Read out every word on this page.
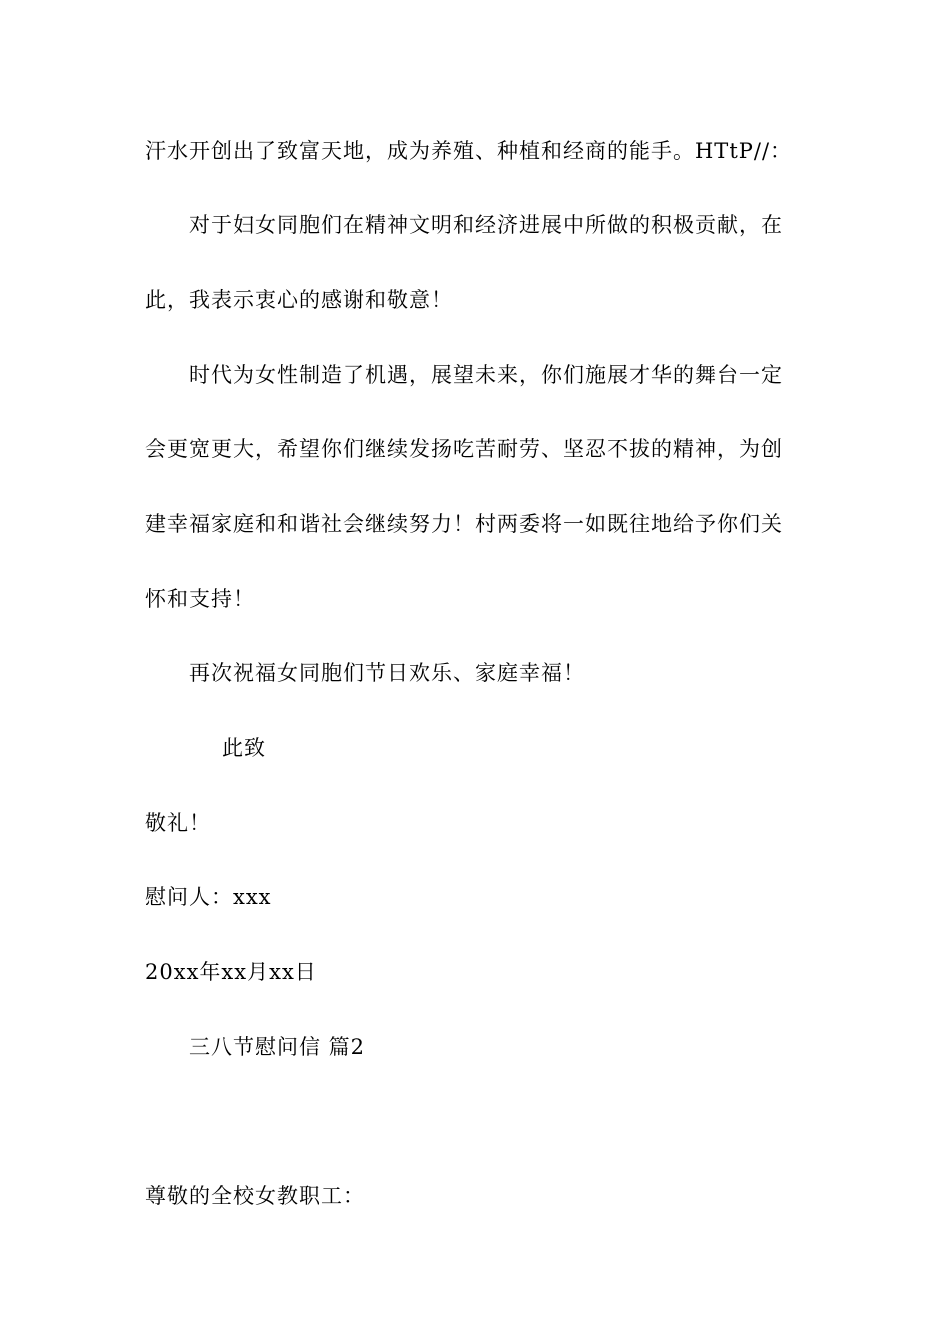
汗水开创出了致富天地，成为养殖、种植和经商的能手。HTtP//：
对于妇女同胞们在精神文明和经济进展中所做的积极贡献，在
此，我表示衷心的感谢和敬意！
时代为女性制造了机遇，展望未来，你们施展才华的舞台一定
会更宽更大，希望你们继续发扬吃苦耐劳、坚忍不拔的精神，为创
建幸福家庭和和谐社会继续努力！村两委将一如既往地给予你们关
怀和支持！
再次祝福女同胞们节日欢乐、家庭幸福！
此致
敬礼！
慰问人：xxx
20xx年xx月xx日
三八节慰问信 篇2
尊敬的全校女教职工：
